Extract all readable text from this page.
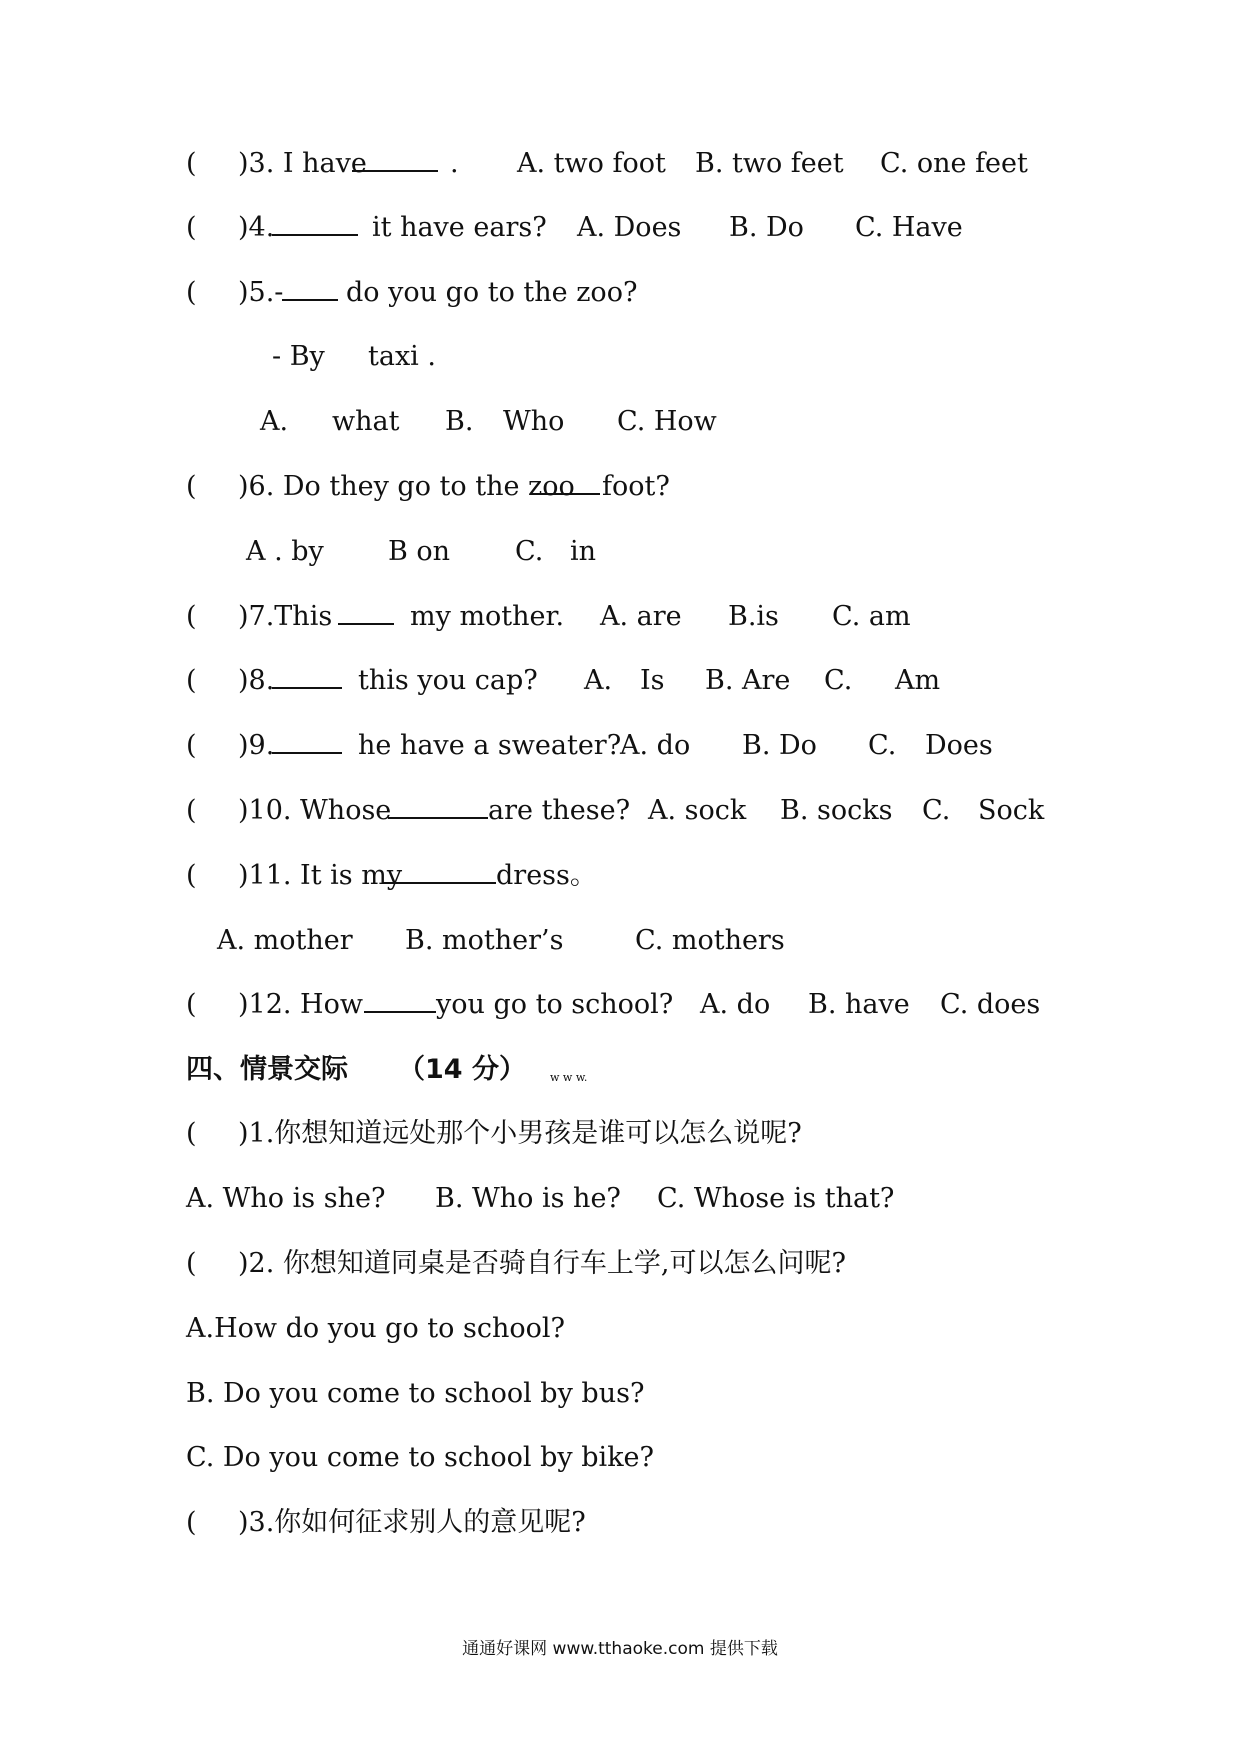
( )3. I have	. A. two foot B. two feet C. one feet
( )4.	it have ears? A. Does B. Do C. Have
( )5.- do you go to the zoo?
- By taxi .
A. what B. Who C. How
( )6. Do they go to the zoo foot?
A . by B on C. in
( )7.This	my mother. A. are B.is C. am
( )8.	this you cap? A. Is B. Are C. Am
( )9.	he have a sweater?
A. do B. Do C. Does
( )10. Whose	are these? A. sock B. socks C. Sock
( )11. It is my	dress。
A. mother B. mother’s	C. mothers
( )12. How	you go to school? A. do B. have C. does
四、情景交际 （14 分） w w w.
( )1.你想知道远处那个小男孩是谁可以怎么说呢?
A. Who is she? B. Who is he? C. Whose is that?
( )2. 你想知道同桌是否骑自行车上学,可以怎么问呢?
A.How do you go to school?
B. Do you come to school by bus?
C. Do you come to school by bike?
( )3.你如何征求别人的意见呢?
通通好课网 www.tthaoke.com 提供下载
